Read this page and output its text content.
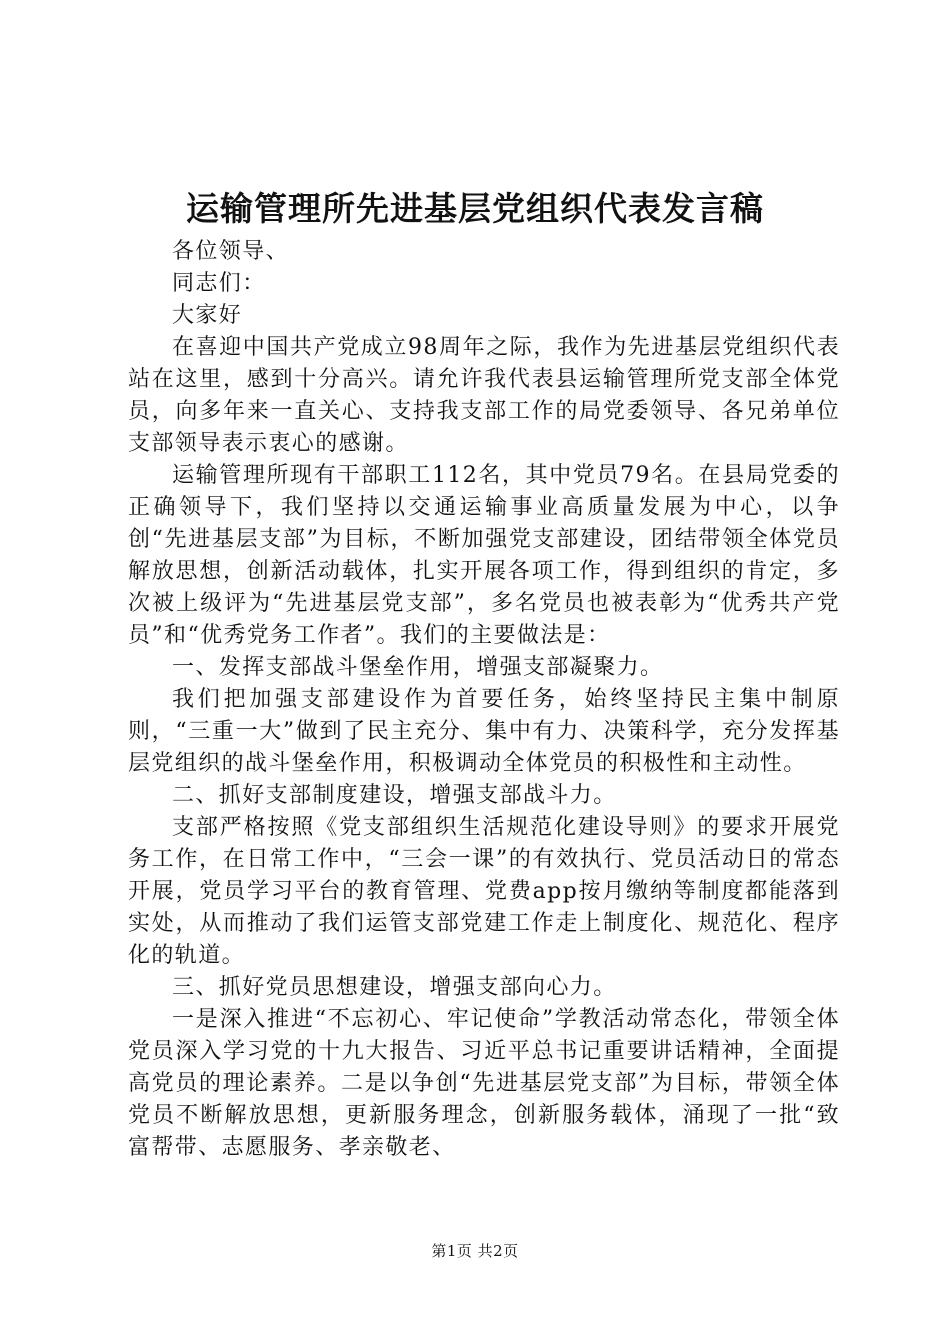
运输管理所先进基层党组织代表发言稿

各位领导、

同志们：

大家好

在喜迎中国共产党成立98周年之际，我作为先进基层党组织代表站在这里，感到十分高兴。请允许我代表县运输管理所党支部全体党员，向多年来一直关心、支持我支部工作的局党委领导、各兄弟单位支部领导表示衷心的感谢。

运输管理所现有干部职工112名，其中党员79名。在县局党委的正确领导下，我们坚持以交通运输事业高质量发展为中心，以争创“先进基层支部”为目标，不断加强党支部建设，团结带领全体党员解放思想，创新活动载体，扎实开展各项工作，得到组织的肯定，多次被上级评为“先进基层党支部”，多名党员也被表彰为“优秀共产党员”和“优秀党务工作者”。我们的主要做法是：

一、发挥支部战斗堡垒作用，增强支部凝聚力。

我们把加强支部建设作为首要任务，始终坚持民主集中制原则，“三重一大”做到了民主充分、集中有力、决策科学，充分发挥基层党组织的战斗堡垒作用，积极调动全体党员的积极性和主动性。

二、抓好支部制度建设，增强支部战斗力。

支部严格按照《党支部组织生活规范化建设导则》的要求开展党务工作，在日常工作中，“三会一课”的有效执行、党员活动日的常态开展，党员学习平台的教育管理、党费app按月缴纳等制度都能落到实处，从而推动了我们运管支部党建工作走上制度化、规范化、程序化的轨道。

三、抓好党员思想建设，增强支部向心力。

一是深入推进“不忘初心、牢记使命”学教活动常态化，带领全体党员深入学习党的十九大报告、习近平总书记重要讲话精神，全面提高党员的理论素养。二是以争创“先进基层党支部”为目标，带领全体党员不断解放思想，更新服务理念，创新服务载体，涌现了一批“致富帮带、志愿服务、孝亲敬老、

第1页 共2页
